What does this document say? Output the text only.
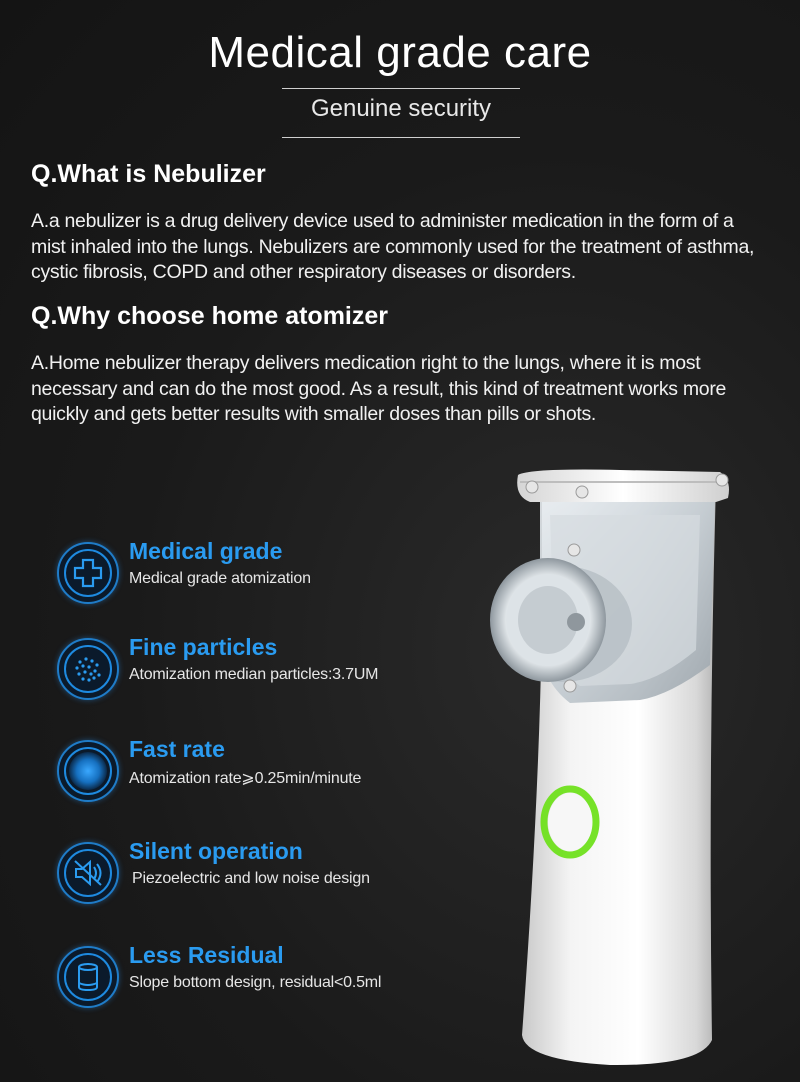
Medical grade care
Genuine security
Q.What is Nebulizer
A.a nebulizer is a drug delivery device used to administer medication in the form of a mist inhaled into the lungs. Nebulizers are commonly used for the treatment of asthma, cystic fibrosis, COPD and other respiratory diseases or disorders.
Q.Why choose home atomizer
A.Home nebulizer therapy delivers medication right to the lungs, where it is most necessary and can do the most good. As a result, this kind of treatment works more quickly and gets better results with smaller doses than pills or shots.
Medical grade
Medical grade atomization
Fine particles
Atomization median particles:3.7UM
Fast rate
Atomization rate⩾0.25min/minute
Silent operation
Piezoelectric and low noise design
Less Residual
Slope bottom design, residual<0.5ml
